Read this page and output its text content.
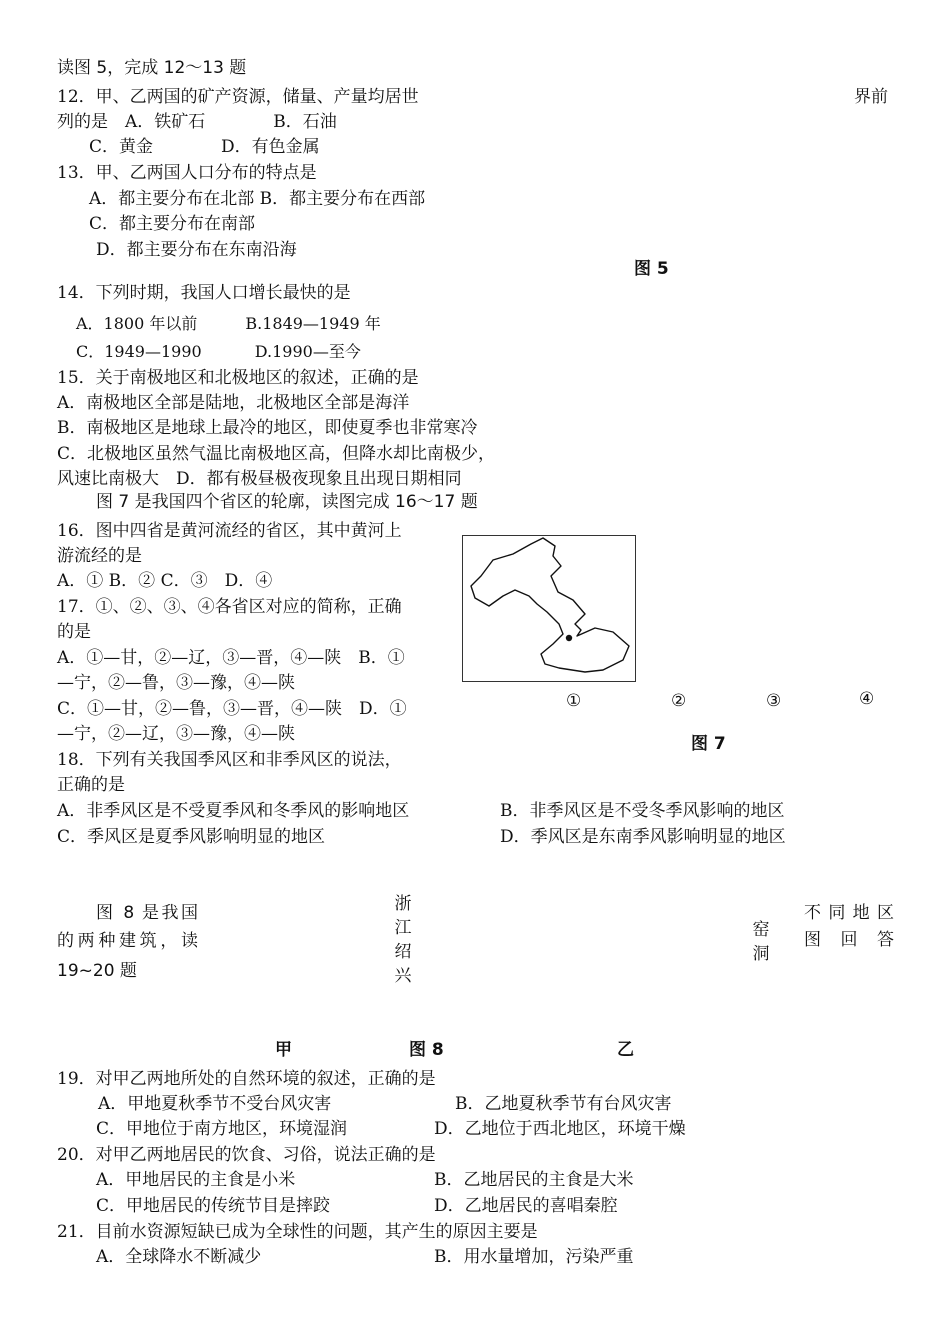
读图 5，完成 12～13 题
12．甲、乙两国的矿产资源，储量、产量均居世	界前
列的是　A．铁矿石　　　　B．石油
C．黄金　　　　D．有色金属
13．甲、乙两国人口分布的特点是
A．都主要分布在北部 B．都主要分布在西部
C．都主要分布在南部
D．都主要分布在东南沿海
图 5
14．下列时期，我国人口增长最快的是
A．1800 年以前　　　B.1849—1949 年
C．1949—1990　　　 D.1990—至今
15．关于南极地区和北极地区的叙述，正确的是
A．南极地区全部是陆地，北极地区全部是海洋
B．南极地区是地球上最冷的地区，即使夏季也非常寒冷
C．北极地区虽然气温比南极地区高，但降水却比南极少，
风速比南极大　D．都有极昼极夜现象且出现日期相同
图 7 是我国四个省区的轮廓，读图完成 16～17 题
16．图中四省是黄河流经的省区，其中黄河上
游流经的是
A．① B．② C．③　D．④
17．①、②、③、④各省区对应的简称，正确
的是
A．①—甘，②—辽，③—晋，④—陕　B．①
—宁，②—鲁，③—豫，④—陕
C．①—甘，②—鲁，③—晋，④—陕　D．①
—宁，②—辽，③—豫，④—陕
①	②	③	④
图 7
18．下列有关我国季风区和非季风区的说法，
正确的是
A．非季风区是不受夏季风和冬季风的影响地区	B．非季风区是不受冬季风影响的地区
C．季风区是夏季风影响明显的地区	D．季风区是东南季风影响明显的地区
图 8 是我国
的两种建筑，读
19~20 题
浙
江
绍
兴
窑
洞
不同地区
图回答
甲	图 8	乙
19．对甲乙两地所处的自然环境的叙述，正确的是
A．甲地夏秋季节不受台风灾害	B．乙地夏秋季节有台风灾害
C．甲地位于南方地区，环境湿润	D．乙地位于西北地区，环境干燥
20．对甲乙两地居民的饮食、习俗，说法正确的是
A．甲地居民的主食是小米	B．乙地居民的主食是大米
C．甲地居民的传统节目是摔跤	D．乙地居民的喜唱秦腔
21．目前水资源短缺已成为全球性的问题，其产生的原因主要是
A．全球降水不断减少	B．用水量增加，污染严重
